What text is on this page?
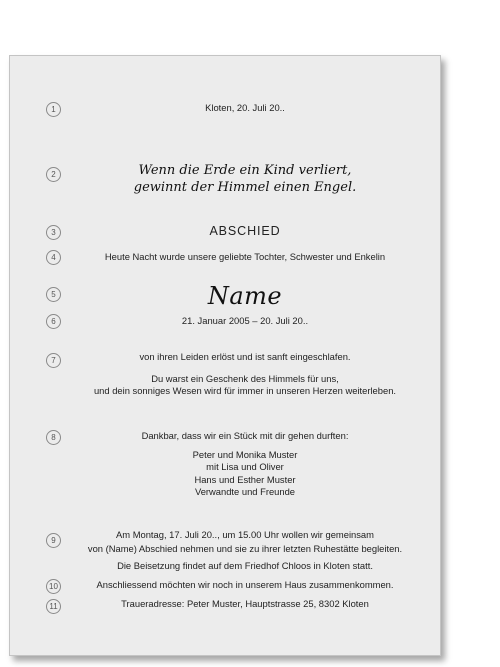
1	Kloten, 20. Juli 20..
2	Wenn die Erde ein Kind verliert,
gewinnt der Himmel einen Engel.
3	ABSCHIED
4	Heute Nacht wurde unsere geliebte Tochter, Schwester und Enkelin
5	Name
6	21. Januar 2005 – 20. Juli 20..
7	von ihren Leiden erlöst und ist sanft eingeschlafen.
Du warst ein Geschenk des Himmels für uns,
und dein sonniges Wesen wird für immer in unseren Herzen weiterleben.
8	Dankbar, dass wir ein Stück mit dir gehen durften:
Peter und Monika Muster
mit Lisa und Oliver
Hans und Esther Muster
Verwandte und Freunde
9
Am Montag, 17. Juli 20.., um 15.00 Uhr wollen wir gemeinsam
von (Name) Abschied nehmen und sie zu ihrer letzten Ruhestätte begleiten.
Die Beisetzung findet auf dem Friedhof Chloos in Kloten statt.
10	Anschliessend möchten wir noch in unserem Haus zusammenkommen.
11	Traueradresse: Peter Muster, Hauptstrasse 25, 8302 Kloten
